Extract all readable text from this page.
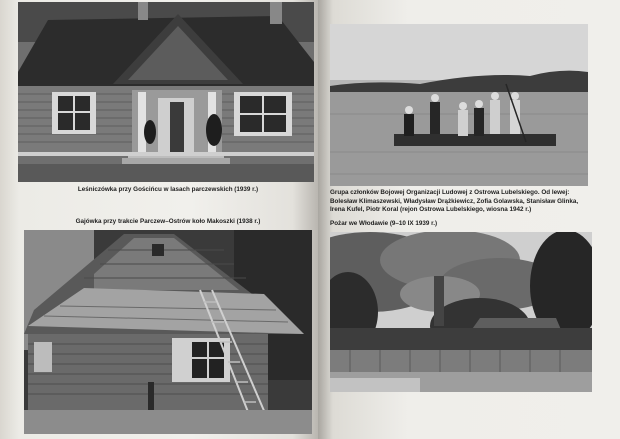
Leśniczówka przy Gościńcu w lasach parczewskich (1939 r.)

Gajówka przy trakcie Parczew–Ostrów koło Makoszki (1938 r.)

Grupa członków Bojowej Organizacji Ludowej z Ostrowa Lubelskiego. Od lewej: Bolesław Klimaszewski, Władysław Drążkiewicz, Zofia Golawska, Stanisław Glinka, Irena Kufel, Piotr Koral (rejon Ostrowa Lubelskiego, wiosna 1942 r.)

Pożar we Włodawie (9–10 IX 1939 r.)
